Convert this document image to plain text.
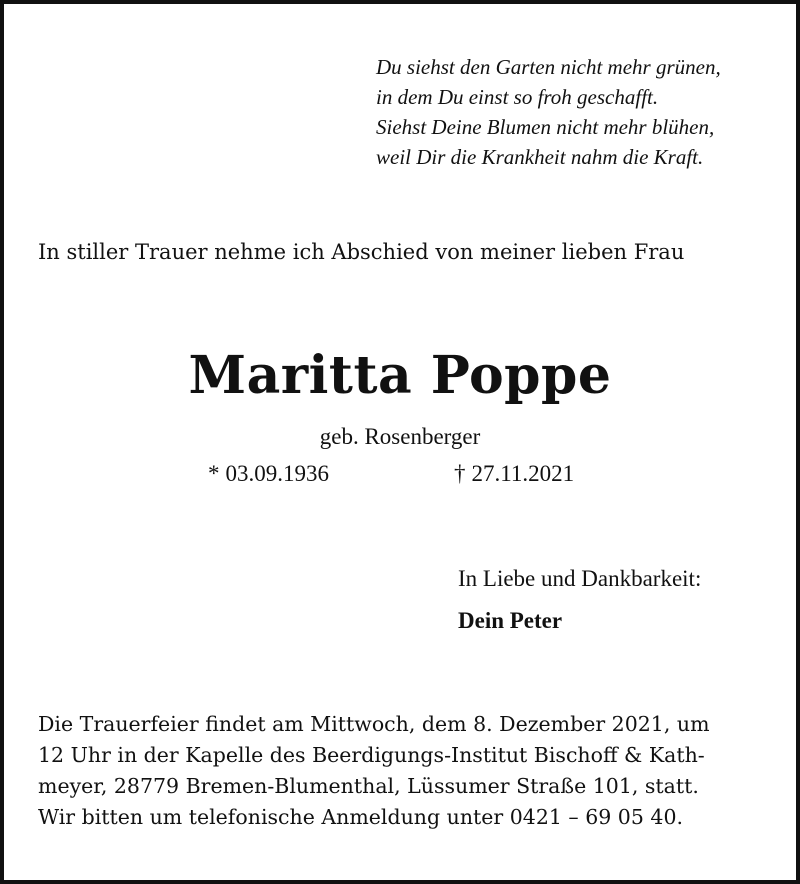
Du siehst den Garten nicht mehr grünen,
in dem Du einst so froh geschafft.
Siehst Deine Blumen nicht mehr blühen,
weil Dir die Krankheit nahm die Kraft.

In stiller Trauer nehme ich Abschied von meiner lieben Frau

Maritta Poppe

geb. Rosenberger

* 03.09.1936	† 27.11.2021

In Liebe und Dankbarkeit:

Dein Peter

Die Trauerfeier findet am Mittwoch, dem 8. Dezember 2021, um
12 Uhr in der Kapelle des Beerdigungs-Institut Bischoff & Kath-
meyer, 28779 Bremen-Blumenthal, Lüssumer Straße 101, statt.
Wir bitten um telefonische Anmeldung unter 0421 – 69 05 40.
